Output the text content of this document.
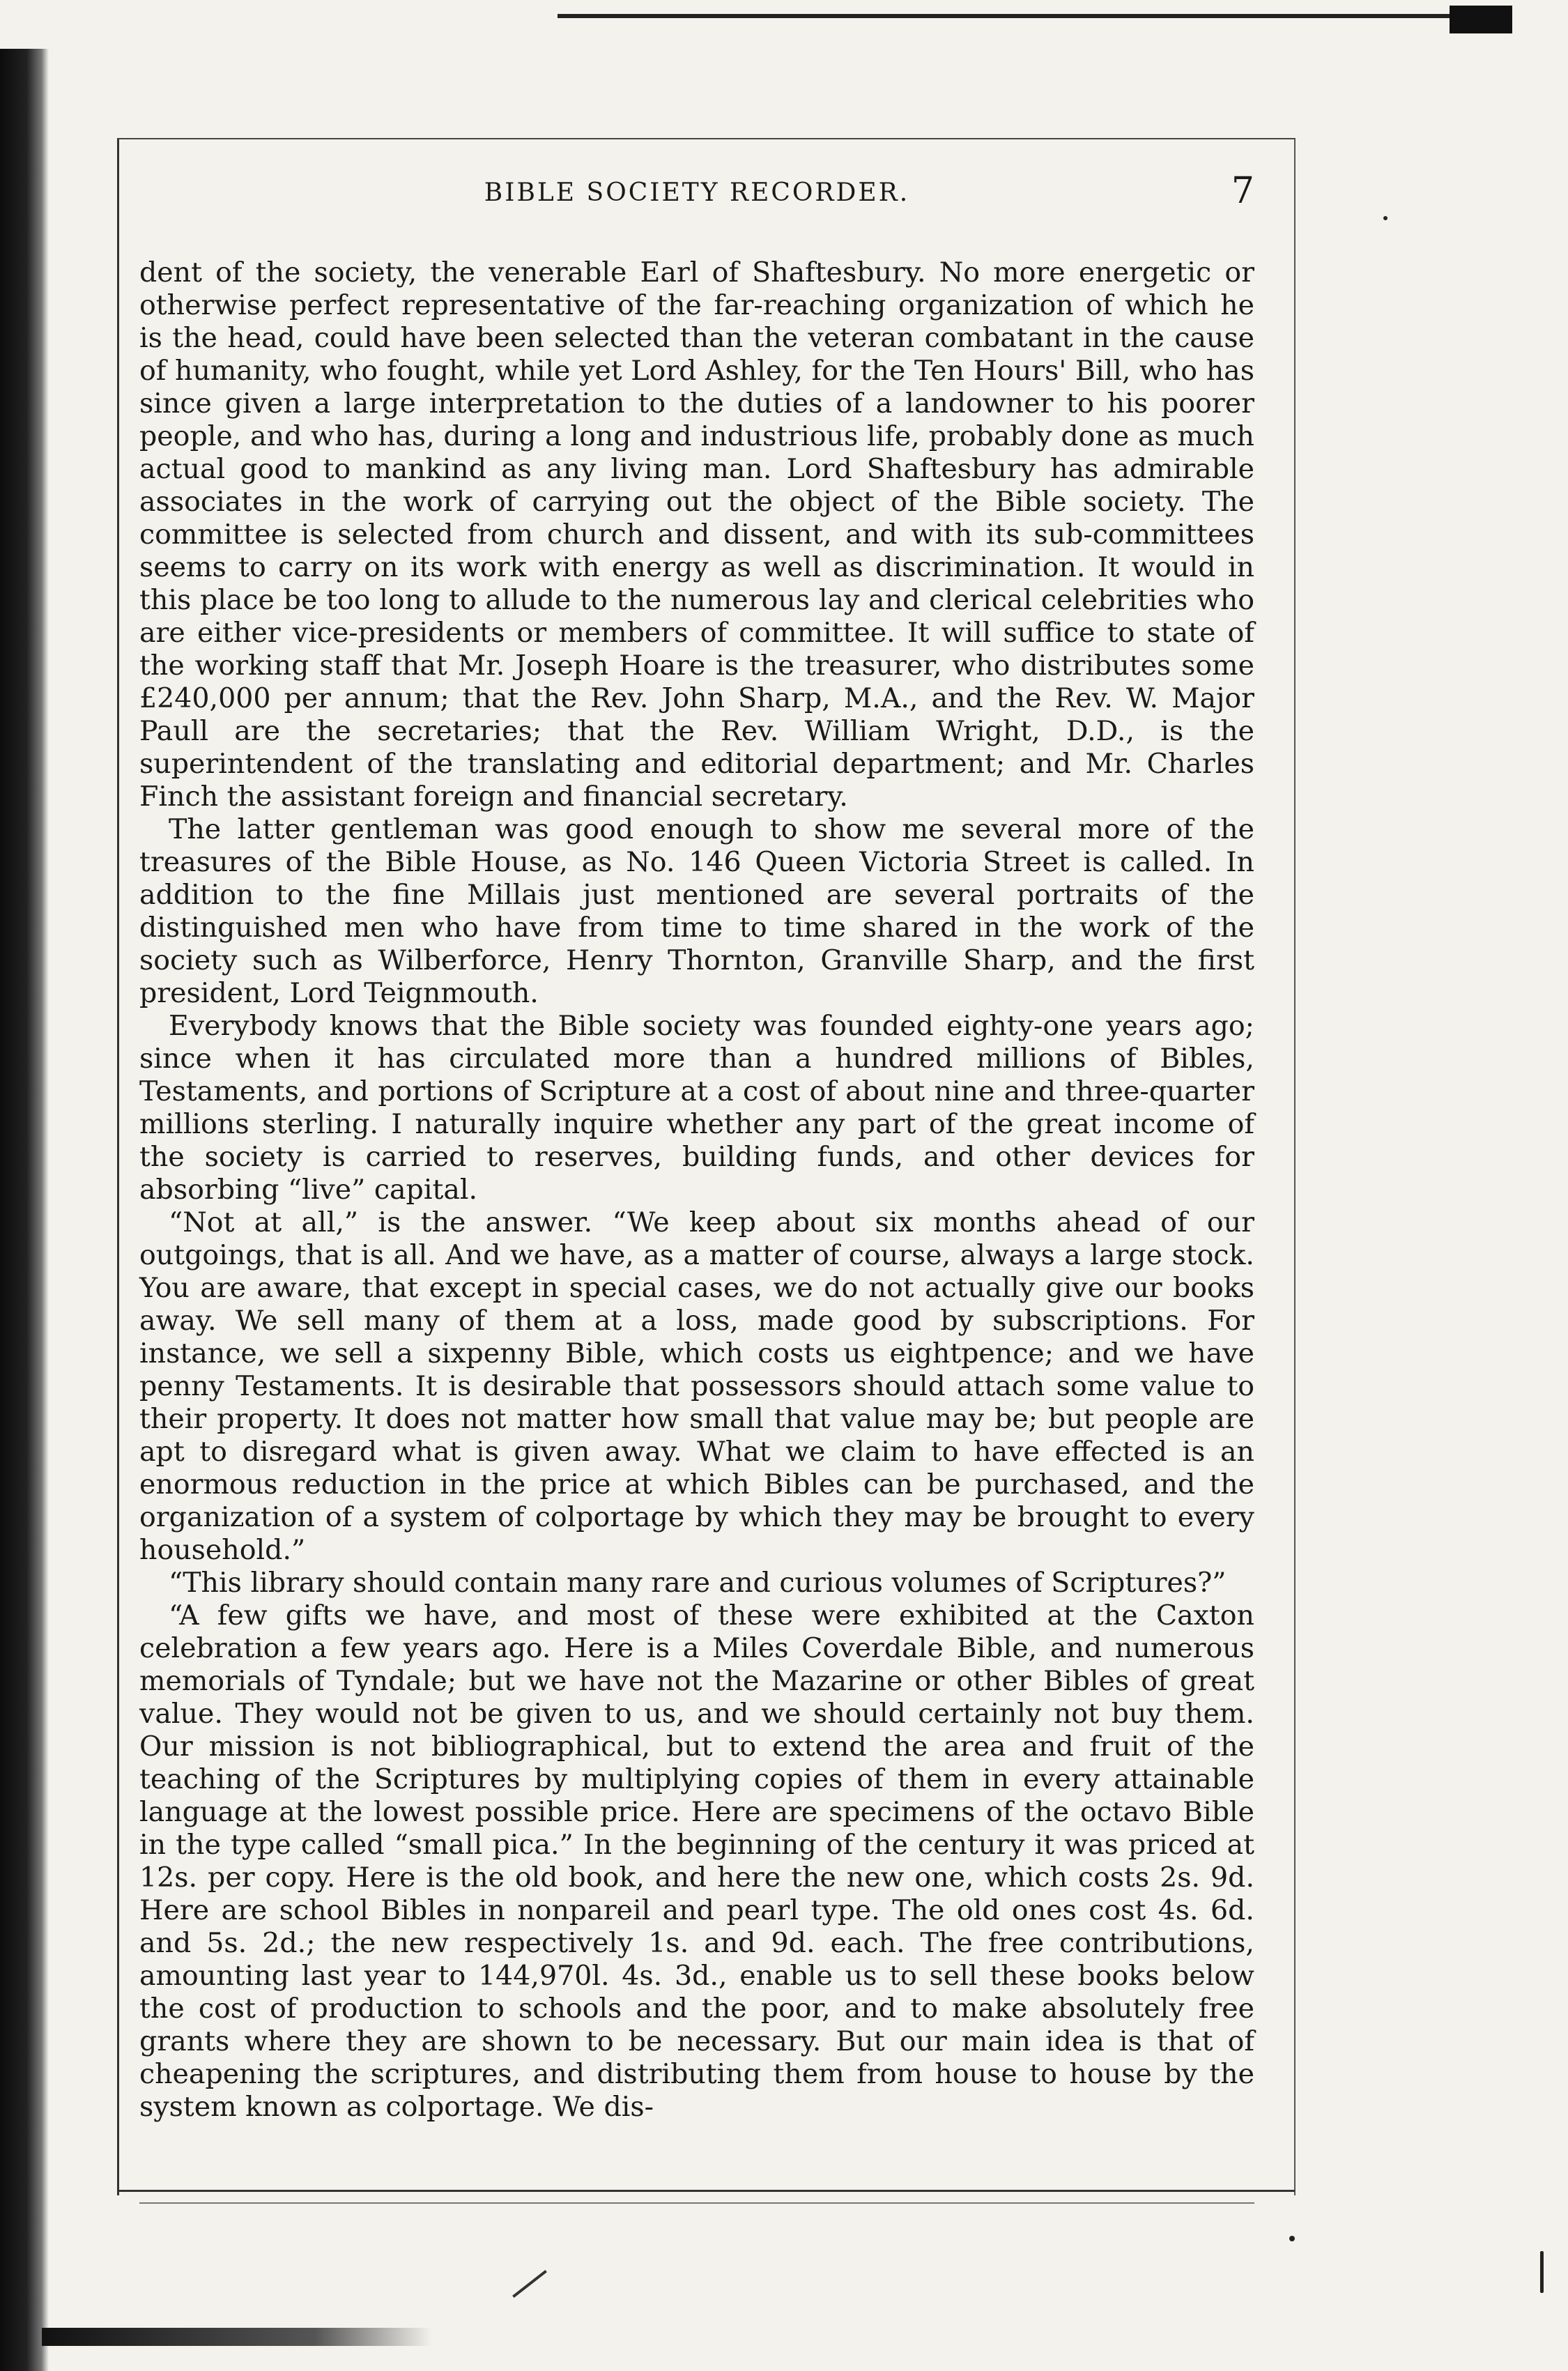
BIBLE SOCIETY RECORDER.	7

dent of the society, the venerable Earl of Shaftesbury. No more energetic or otherwise perfect representative of the far-reaching organization of which he is the head, could have been selected than the veteran combatant in the cause of humanity, who fought, while yet Lord Ashley, for the Ten Hours' Bill, who has since given a large interpretation to the duties of a landowner to his poorer people, and who has, during a long and industrious life, probably done as much actual good to mankind as any living man. Lord Shaftesbury has admirable associates in the work of carrying out the object of the Bible society. The committee is selected from church and dissent, and with its sub-committees seems to carry on its work with energy as well as discrimination. It would in this place be too long to allude to the numerous lay and clerical celebrities who are either vice-presidents or members of committee. It will suffice to state of the working staff that Mr. Joseph Hoare is the treasurer, who distributes some £240,000 per annum; that the Rev. John Sharp, M.A., and the Rev. W. Major Paull are the secretaries; that the Rev. William Wright, D.D., is the superintendent of the translating and editorial department; and Mr. Charles Finch the assistant foreign and financial secretary.

The latter gentleman was good enough to show me several more of the treasures of the Bible House, as No. 146 Queen Victoria Street is called. In addition to the fine Millais just mentioned are several portraits of the distinguished men who have from time to time shared in the work of the society such as Wilberforce, Henry Thornton, Granville Sharp, and the first president, Lord Teignmouth.

Everybody knows that the Bible society was founded eighty-one years ago; since when it has circulated more than a hundred millions of Bibles, Testaments, and portions of Scripture at a cost of about nine and three-quarter millions sterling. I naturally inquire whether any part of the great income of the society is carried to reserves, building funds, and other devices for absorbing “live” capital.

“Not at all,” is the answer. “We keep about six months ahead of our outgoings, that is all. And we have, as a matter of course, always a large stock. You are aware, that except in special cases, we do not actually give our books away. We sell many of them at a loss, made good by subscriptions. For instance, we sell a sixpenny Bible, which costs us eightpence; and we have penny Testaments. It is desirable that possessors should attach some value to their property. It does not matter how small that value may be; but people are apt to disregard what is given away. What we claim to have effected is an enormous reduction in the price at which Bibles can be purchased, and the organization of a system of colportage by which they may be brought to every household.”

“This library should contain many rare and curious volumes of Scriptures?”

“A few gifts we have, and most of these were exhibited at the Caxton celebration a few years ago. Here is a Miles Coverdale Bible, and numerous memorials of Tyndale; but we have not the Mazarine or other Bibles of great value. They would not be given to us, and we should certainly not buy them. Our mission is not bibliographical, but to extend the area and fruit of the teaching of the Scriptures by multiplying copies of them in every attainable language at the lowest possible price. Here are specimens of the octavo Bible in the type called “small pica.” In the beginning of the century it was priced at 12s. per copy. Here is the old book, and here the new one, which costs 2s. 9d. Here are school Bibles in nonpareil and pearl type. The old ones cost 4s. 6d. and 5s. 2d.; the new respectively 1s. and 9d. each. The free contributions, amounting last year to 144,970l. 4s. 3d., enable us to sell these books below the cost of production to schools and the poor, and to make absolutely free grants where they are shown to be necessary. But our main idea is that of cheapening the scriptures, and distributing them from house to house by the system known as colportage. We dis-
